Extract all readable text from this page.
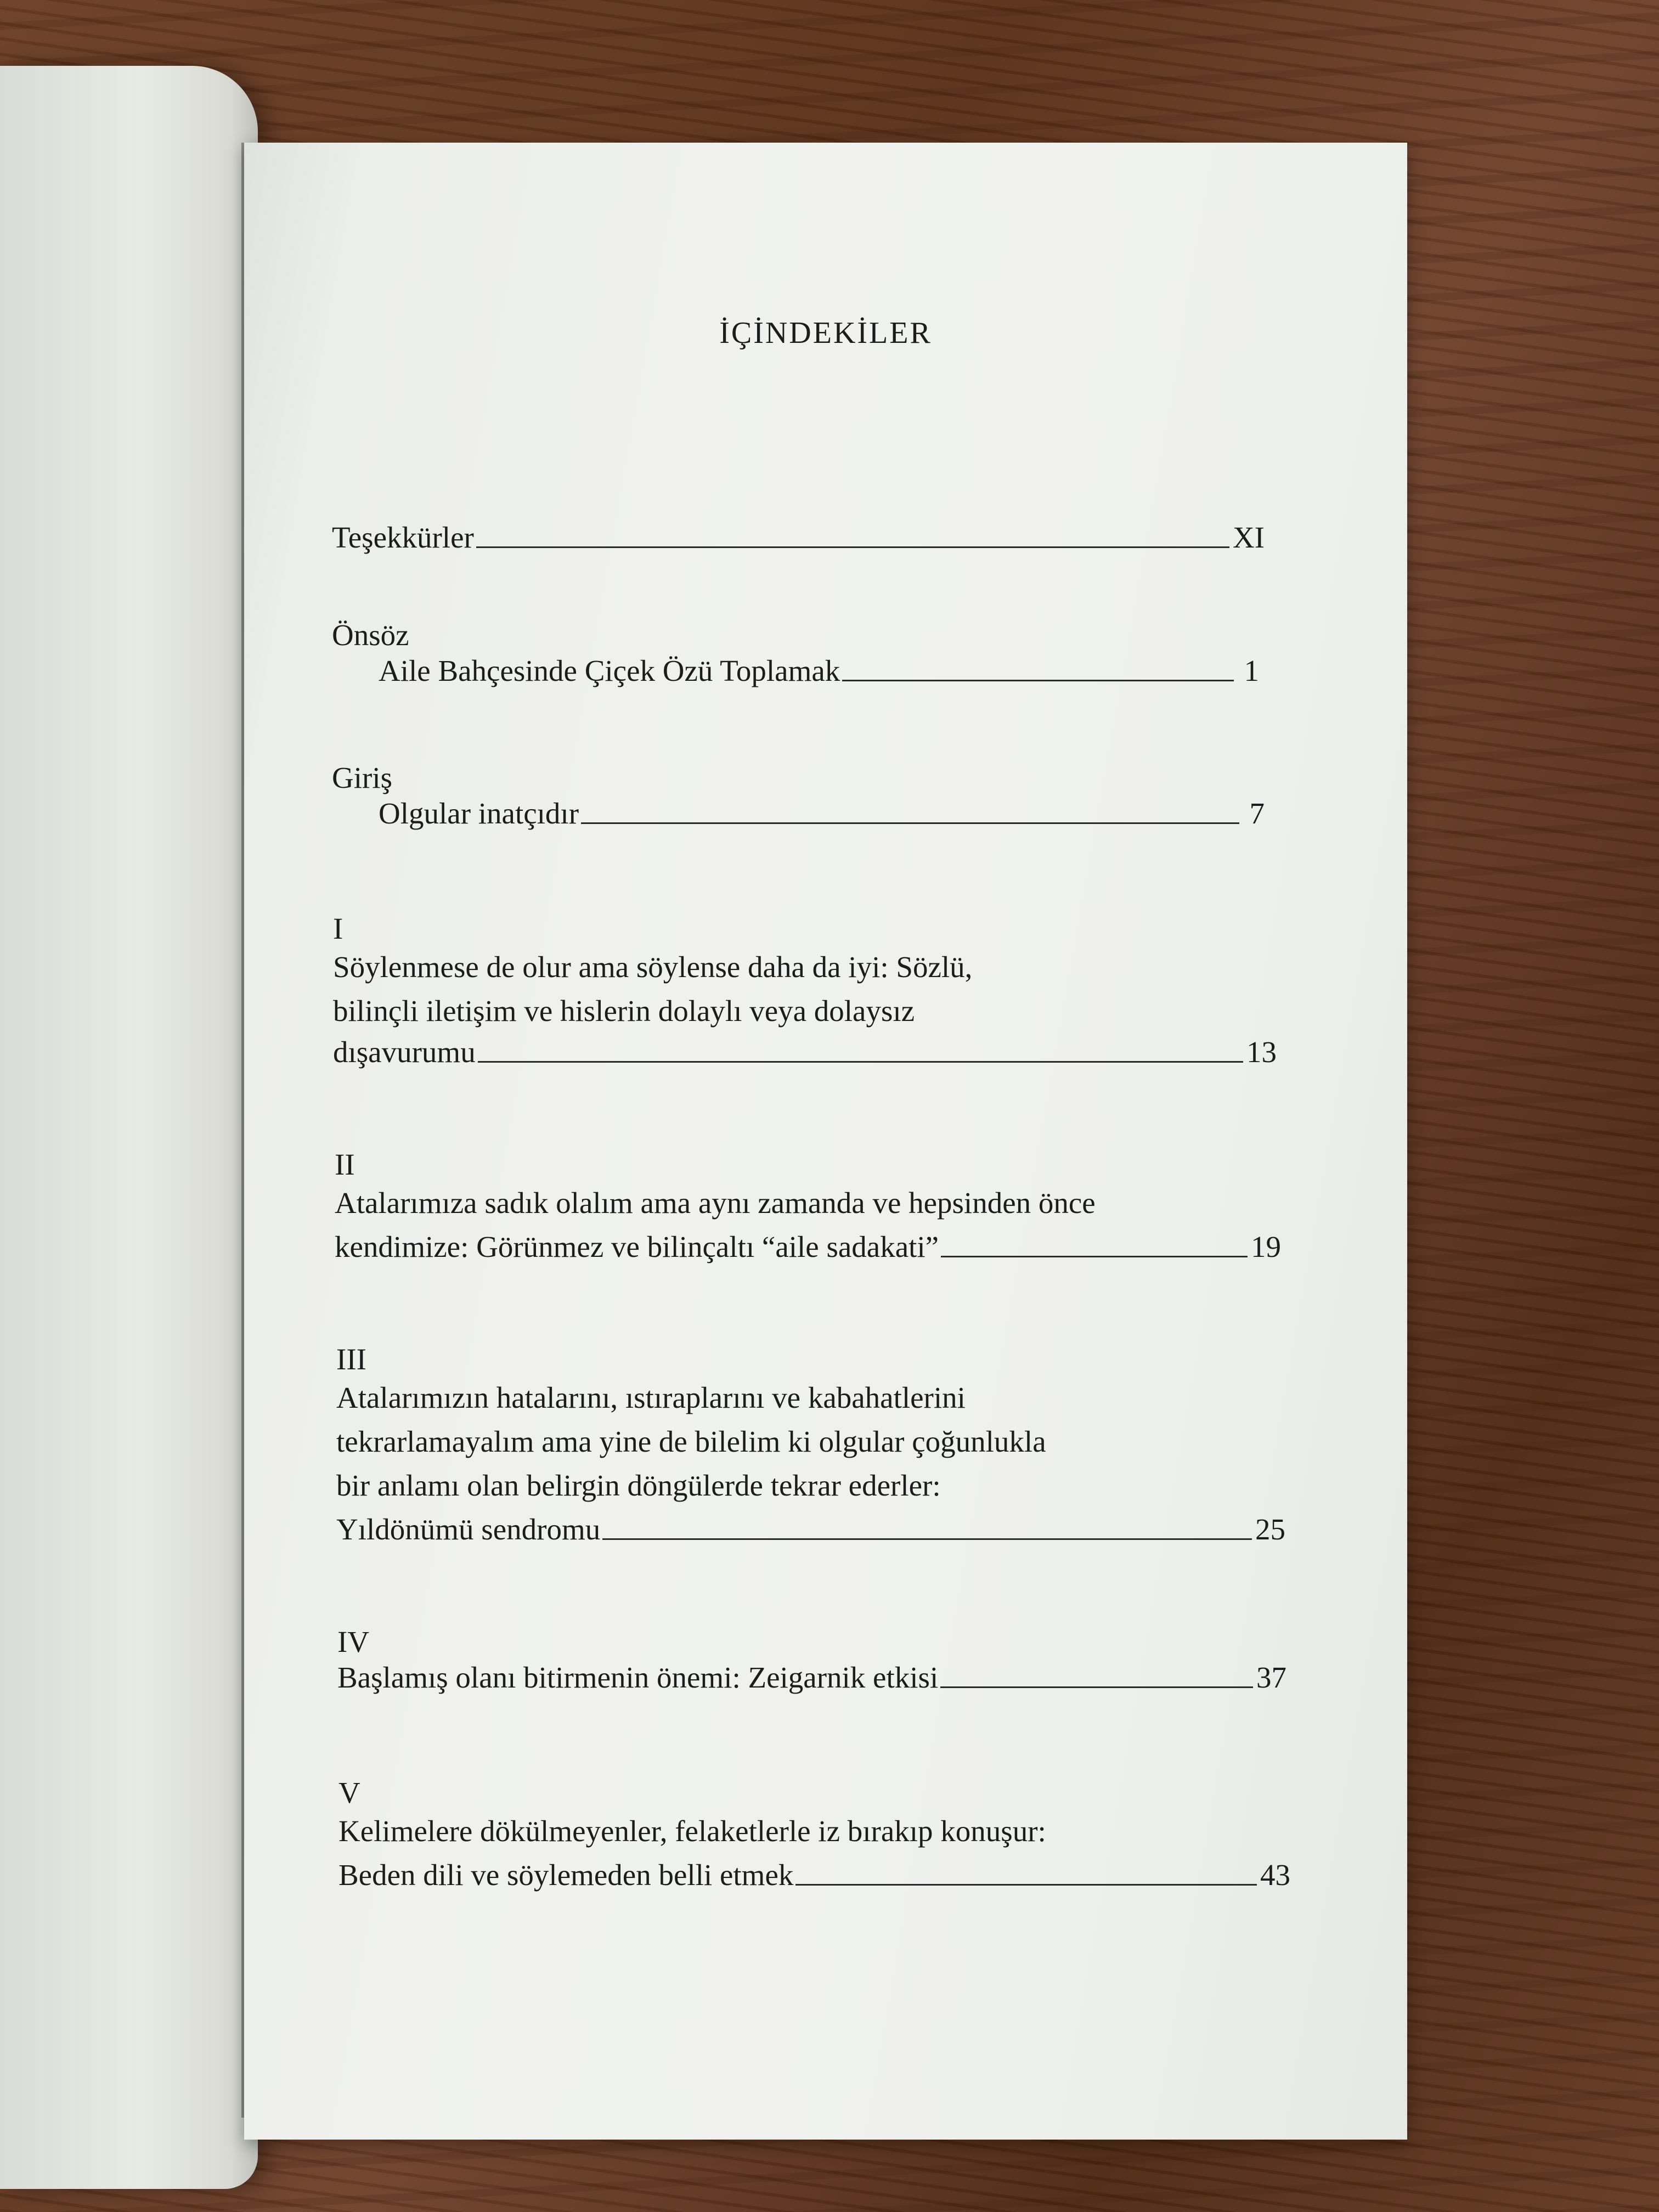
İÇİNDEKİLER
Teşekkürler	XI
Önsöz
Aile Bahçesinde Çiçek Özü Toplamak	1
Giriş
Olgular inatçıdır	7
I
Söylenmese de olur ama söylense daha da iyi: Sözlü,
bilinçli iletişim ve hislerin dolaylı veya dolaysız
dışavurumu	13
II
Atalarımıza sadık olalım ama aynı zamanda ve hepsinden önce
kendimize: Görünmez ve bilinçaltı “aile sadakati”	19
III
Atalarımızın hatalarını, ıstıraplarını ve kabahatlerini
tekrarlamayalım ama yine de bilelim ki olgular çoğunlukla
bir anlamı olan belirgin döngülerde tekrar ederler:
Yıldönümü sendromu	25
IV
Başlamış olanı bitirmenin önemi: Zeigarnik etkisi	37
V
Kelimelere dökülmeyenler, felaketlerle iz bırakıp konuşur:
Beden dili ve söylemeden belli etmek	43
